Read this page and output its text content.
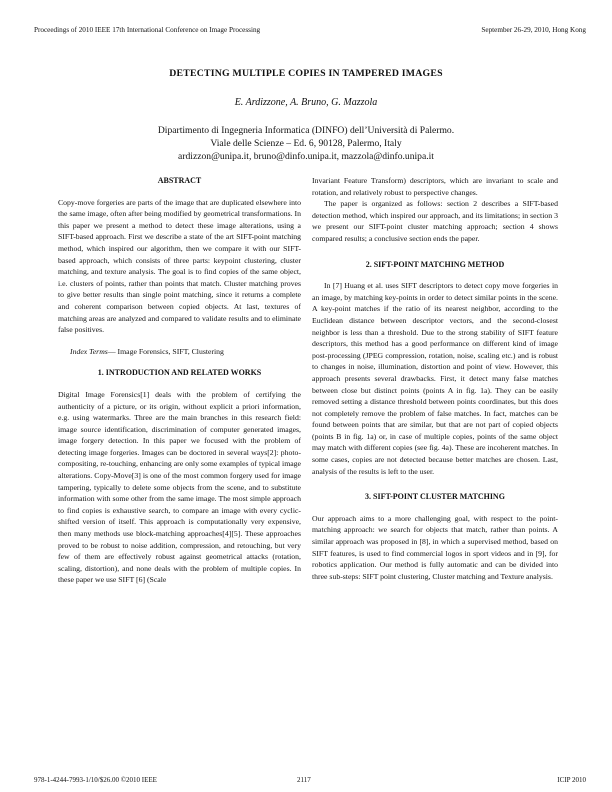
Proceedings of 2010 IEEE 17th International Conference on Image Processing	September 26-29, 2010, Hong Kong
DETECTING MULTIPLE COPIES IN TAMPERED IMAGES
E. Ardizzone, A. Bruno, G. Mazzola
Dipartimento di Ingegneria Informatica (DINFO) dell’Università di Palermo.
Viale delle Scienze – Ed. 6, 90128, Palermo, Italy
ardizzon@unipa.it, bruno@dinfo.unipa.it, mazzola@dinfo.unipa.it

ABSTRACT

Copy-move forgeries are parts of the image that are duplicated elsewhere into the same image, often after being modified by geometrical transformations. In this paper we present a method to detect these image alterations, using a SIFT-based approach. First we describe a state of the art SIFT-point matching method, which inspired our algorithm, then we compare it with our SIFT-based approach, which consists of three parts: keypoint clustering, cluster matching, and texture analysis. The goal is to find copies of the same object, i.e. clusters of points, rather than points that match. Cluster matching proves to give better results than single point matching, since it returns a complete and coherent comparison between copied objects. At last, textures of matching areas are analyzed and compared to validate results and to eliminate false positives.

Index Terms— Image Forensics, SIFT, Clustering

1. INTRODUCTION AND RELATED WORKS

Digital Image Forensics[1] deals with the problem of certifying the authenticity of a picture, or its origin, without explicit a priori information, e.g. using watermarks. Three are the main branches in this research field: image source identification, discrimination of computer generated images, image forgery detection. In this paper we focused with the problem of detecting image forgeries. Images can be doctored in several ways[2]: photo-compositing, re-touching, enhancing are only some examples of typical image alterations. Copy-Move[3] is one of the most common forgery used for image tampering, typically to delete some objects from the scene, and to substitute information with some other from the same image. The most simple approach to find copies is exhaustive search, to compare an image with every cyclic-shifted version of itself. This approach is computationally very expensive, then many methods use block-matching approaches[4][5]. These approaches proved to be robust to noise addition, compression, and retouching, but very few of them are effectively robust against geometrical attacks (rotation, scaling, distortion), and none deals with the problem of multiple copies. In these paper we use SIFT [6] (Scale

Invariant Feature Transform) descriptors, which are invariant to scale and rotation, and relatively robust to perspective changes.

The paper is organized as follows: section 2 describes a SIFT-based detection method, which inspired our approach, and its limitations; in section 3 we present our SIFT-point cluster matching approach; section 4 shows compared results; a conclusive section ends the paper.

2. SIFT-POINT MATCHING METHOD

In [7] Huang et al. uses SIFT descriptors to detect copy move forgeries in an image, by matching key-points in order to detect similar points in the scene. A key-point matches if the ratio of its nearest neighbor, according to the Euclidean distance between descriptor vectors, and the second-closest neighbor is less than a threshold. Due to the strong stability of SIFT feature descriptors, this method has a good performance on different kind of image post-processing (JPEG compression, rotation, noise, scaling etc.) and is robust to changes in noise, illumination, distortion and point of view. However, this approach presents several drawbacks. First, it detect many false matches between close but distinct points (points A in fig. 1a). They can be easily removed setting a distance threshold between points coordinates, but this does not completely remove the problem of false matches. In fact, matches can be found between points that are similar, but that are not part of copied objects (points B in fig. 1a) or, in case of multiple copies, points of the same object may match with different copies (see fig. 4a). These are incoherent matches. In some cases, copies are not detected because better matches are chosen. Last, analysis of the results is left to the user.

3. SIFT-POINT CLUSTER MATCHING

Our approach aims to a more challenging goal, with respect to the point-matching approach: we search for objects that match, rather than points. A similar approach was proposed in [8], in which a supervised method, based on SIFT features, is used to find commercial logos in sport videos and in [9], for robotics application. Our method is fully automatic and can be divided into three sub-steps: SIFT point clustering, Cluster matching and Texture analysis.

978-1-4244-7993-1/10/$26.00 ©2010 IEEE	2117	ICIP 2010
